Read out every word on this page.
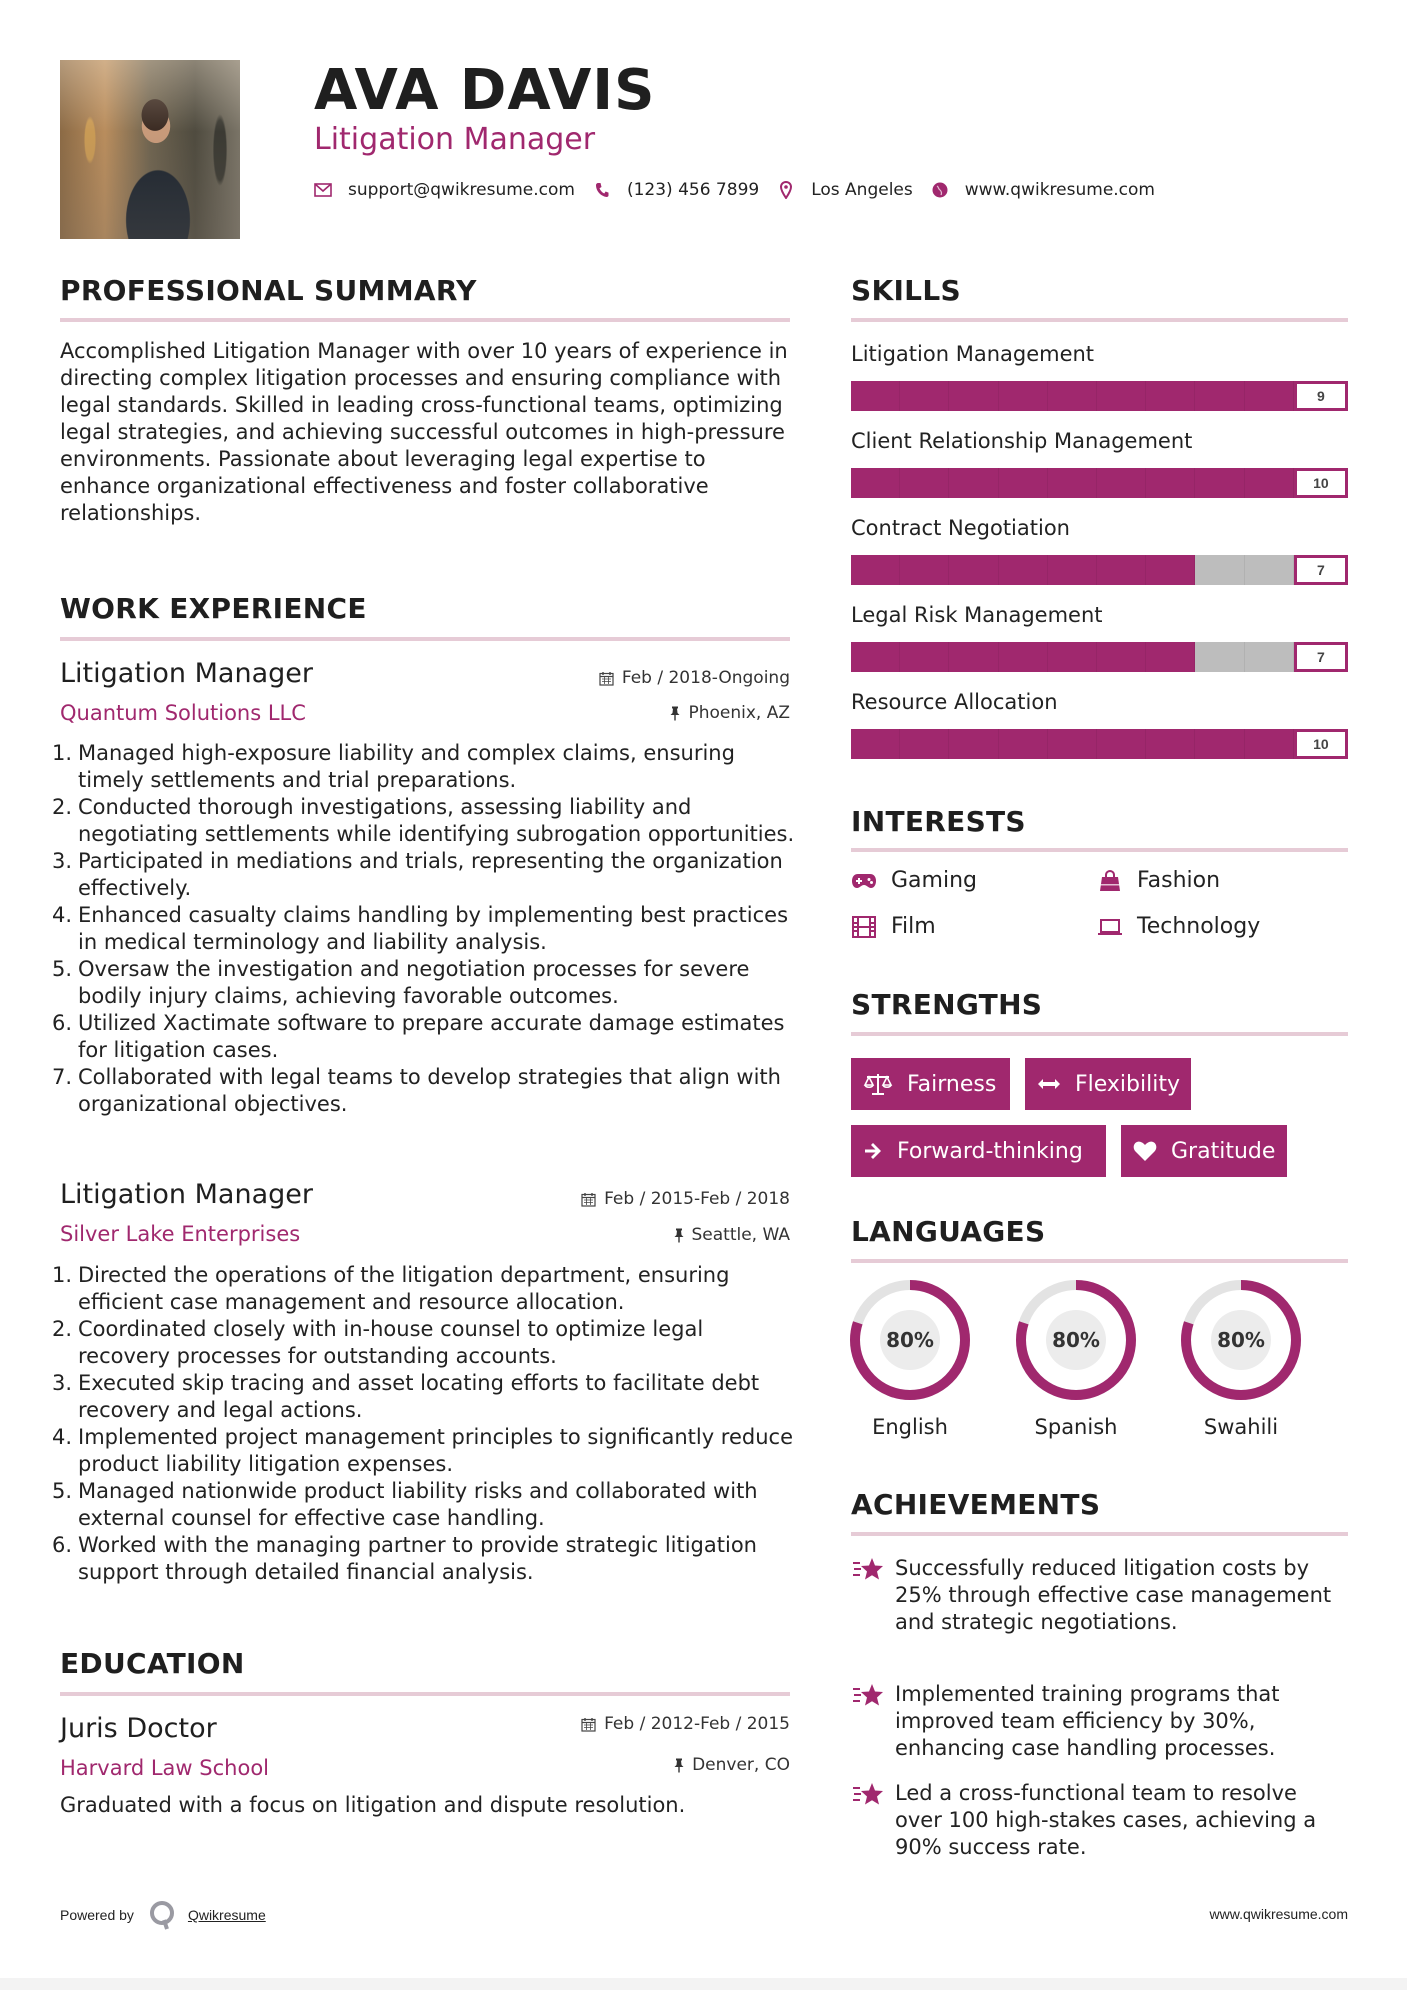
AVA DAVIS
Litigation Manager
support@qwikresume.com	(123) 456 7899	Los Angeles	www.qwikresume.com
PROFESSIONAL SUMMARY
Accomplished Litigation Manager with over 10 years of experience in directing complex litigation processes and ensuring compliance with legal standards. Skilled in leading cross-functional teams, optimizing legal strategies, and achieving successful outcomes in high-pressure environments. Passionate about leveraging legal expertise to enhance organizational effectiveness and foster collaborative relationships.
WORK EXPERIENCE
Litigation Manager
Quantum Solutions LLC
Feb / 2018-Ongoing
Phoenix, AZ
1. Managed high-exposure liability and complex claims, ensuring timely settlements and trial preparations.
2. Conducted thorough investigations, assessing liability and negotiating settlements while identifying subrogation opportunities.
3. Participated in mediations and trials, representing the organization effectively.
4. Enhanced casualty claims handling by implementing best practices in medical terminology and liability analysis.
5. Oversaw the investigation and negotiation processes for severe bodily injury claims, achieving favorable outcomes.
6. Utilized Xactimate software to prepare accurate damage estimates for litigation cases.
7. Collaborated with legal teams to develop strategies that align with organizational objectives.
Litigation Manager
Silver Lake Enterprises
Feb / 2015-Feb / 2018
Seattle, WA
1. Directed the operations of the litigation department, ensuring efficient case management and resource allocation.
2. Coordinated closely with in-house counsel to optimize legal recovery processes for outstanding accounts.
3. Executed skip tracing and asset locating efforts to facilitate debt recovery and legal actions.
4. Implemented project management principles to significantly reduce product liability litigation expenses.
5. Managed nationwide product liability risks and collaborated with external counsel for effective case handling.
6. Worked with the managing partner to provide strategic litigation support through detailed financial analysis.
EDUCATION
Juris Doctor
Harvard Law School
Feb / 2012-Feb / 2015
Denver, CO
Graduated with a focus on litigation and dispute resolution.
SKILLS
Litigation Management
9
Client Relationship Management
10
Contract Negotiation
7
Legal Risk Management
7
Resource Allocation
10
INTERESTS
Gaming	Fashion
Film	Technology
STRENGTHS
Fairness	Flexibility
Forward-thinking	Gratitude
LANGUAGES
80%
English
80%
Spanish
80%
Swahili
ACHIEVEMENTS
Successfully reduced litigation costs by 25% through effective case management and strategic negotiations.
Implemented training programs that improved team efficiency by 30%, enhancing case handling processes.
Led a cross-functional team to resolve over 100 high-stakes cases, achieving a 90% success rate.
Powered by	Qwikresume	www.qwikresume.com
